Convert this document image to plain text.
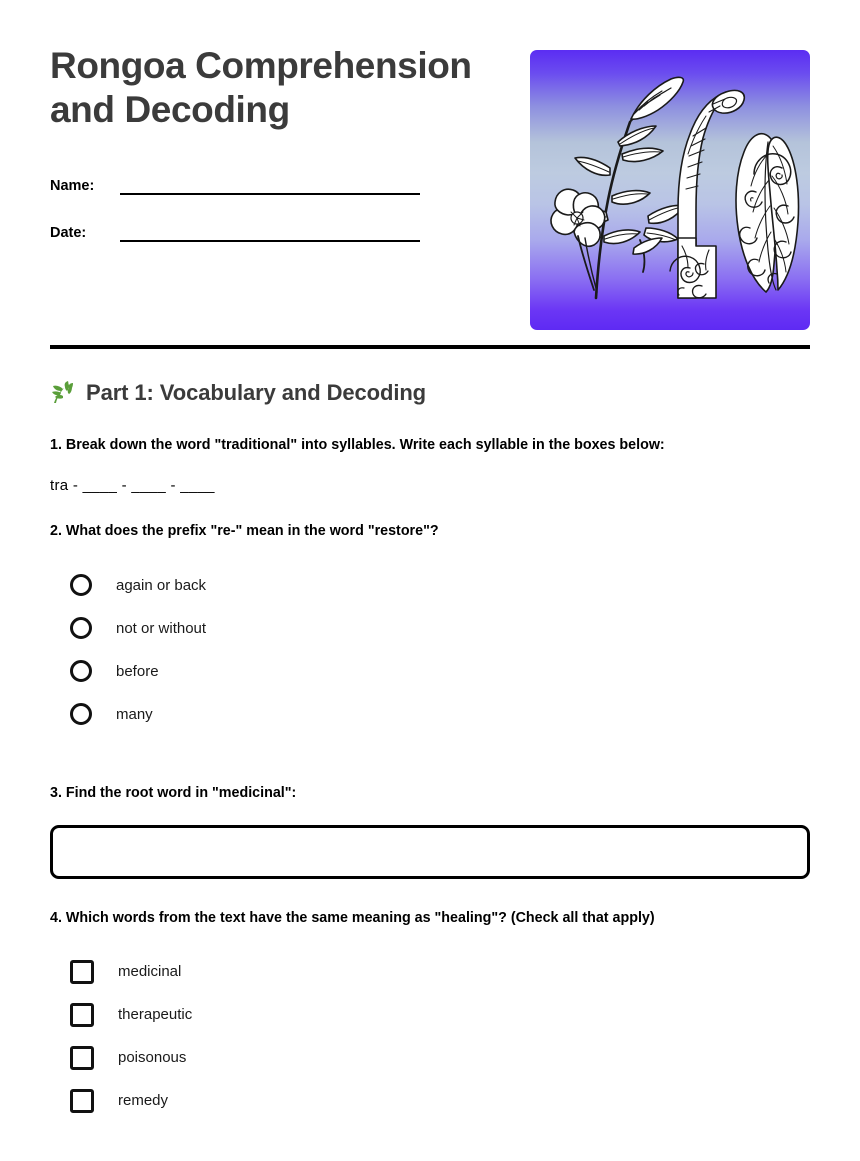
Rongoa Comprehension and Decoding
Name:
Date:
Part 1: Vocabulary and Decoding

1. Break down the word "traditional" into syllables. Write each syllable in the boxes below:

tra - ____ - ____ - ____

2. What does the prefix "re-" mean in the word "restore"?

again or back
not or without
before
many

3. Find the root word in "medicinal":

4. Which words from the text have the same meaning as "healing"? (Check all that apply)

medicinal
therapeutic
poisonous
remedy
